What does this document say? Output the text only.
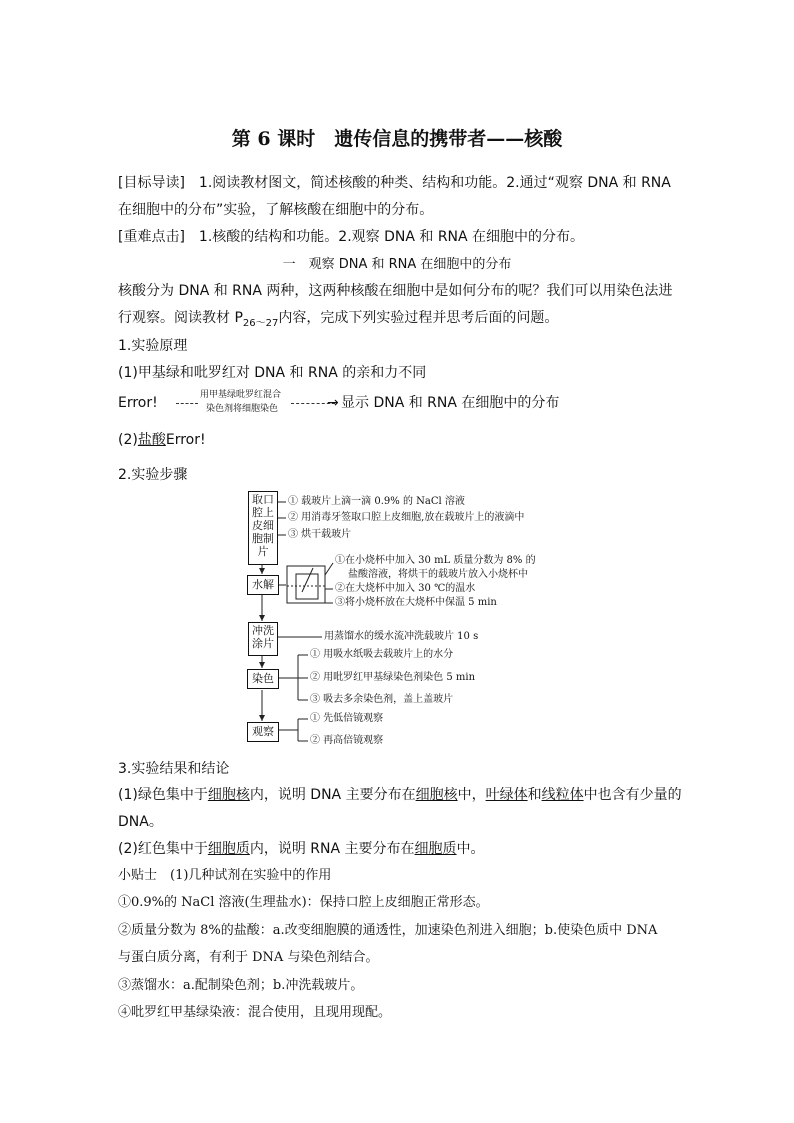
第 6 课时　遗传信息的携带者——核酸
[目标导读]　1.阅读教材图文，简述核酸的种类、结构和功能。2.通过“观察 DNA 和 RNA
在细胞中的分布”实验，了解核酸在细胞中的分布。
[重难点击]　1.核酸的结构和功能。2.观察 DNA 和 RNA 在细胞中的分布。
一　观察 DNA 和 RNA 在细胞中的分布
核酸分为 DNA 和 RNA 两种，这两种核酸在细胞中是如何分布的呢？我们可以用染色法进
行观察。阅读教材 $P_{26\sim 27}$内容，完成下列实验过程并思考后面的问题。
1.实验原理
(1)甲基绿和吡罗红对 DNA 和 RNA 的亲和力不同
Error!	用甲基绿吡罗红混合
染色剂将细胞染色	→ 显示 DNA 和 RNA 在细胞中的分布
(2)盐酸Error!
2.实验步骤
取口腔上皮细胞制片
水解
冲洗涂片
染色
观察
① 载玻片上滴一滴 0.9% 的 NaCl 溶液
② 用消毒牙签取口腔上皮细胞,放在载玻片上的液滴中
③ 烘干载玻片
①在小烧杯中加入 30 mL 质量分数为 8% 的
盐酸溶液，将烘干的载玻片放入小烧杯中
②在大烧杯中加入 30 ℃的温水
③将小烧杯放在大烧杯中保温 5 min
用蒸馏水的缓水流冲洗载玻片 10 s
① 用吸水纸吸去载玻片上的水分
② 用吡罗红甲基绿染色剂染色 5 min
③ 吸去多余染色剂，盖上盖玻片
① 先低倍镜观察
② 再高倍镜观察
3.实验结果和结论
(1)绿色集中于细胞核内，说明 DNA 主要分布在细胞核中，叶绿体和线粒体中也含有少量的
DNA。
(2)红色集中于细胞质内，说明 RNA 主要分布在细胞质中。
小贴士　(1)几种试剂在实验中的作用
①0.9%的 NaCl 溶液(生理盐水)：保持口腔上皮细胞正常形态。
②质量分数为 8%的盐酸：a.改变细胞膜的通透性，加速染色剂进入细胞；b.使染色质中 DNA
与蛋白质分离，有利于 DNA 与染色剂结合。
③蒸馏水：a.配制染色剂；b.冲洗载玻片。
④吡罗红甲基绿染液：混合使用，且现用现配。
